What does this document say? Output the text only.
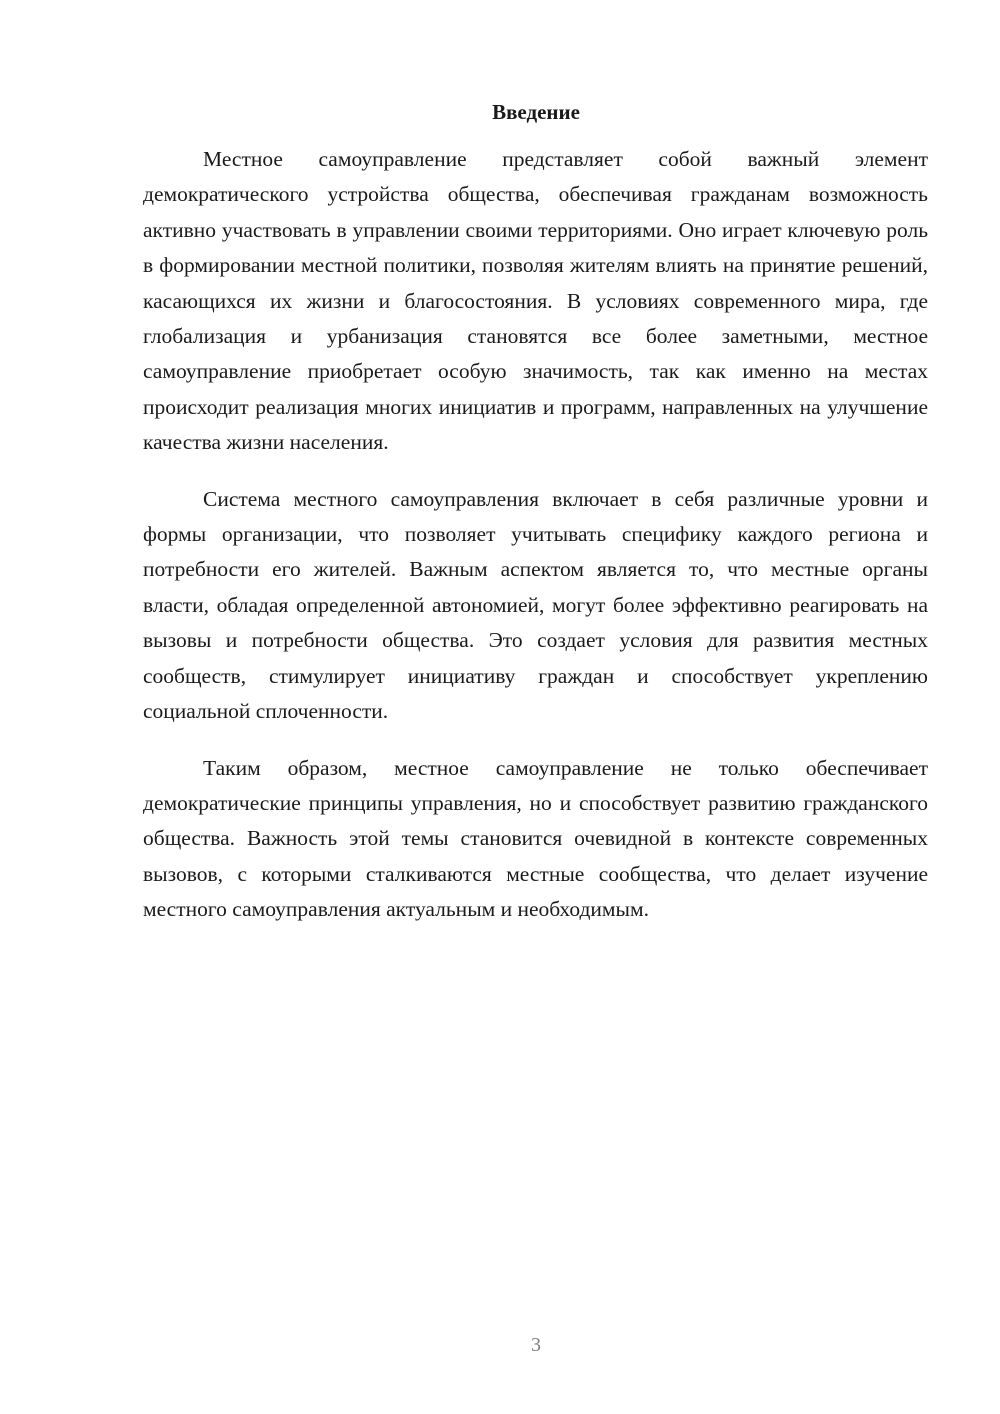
Введение

Местное самоуправление представляет собой важный элемент демократического устройства общества, обеспечивая гражданам возможность активно участвовать в управлении своими территориями. Оно играет ключевую роль в формировании местной политики, позволяя жителям влиять на принятие решений, касающихся их жизни и благосостояния. В условиях современного мира, где глобализация и урбанизация становятся все более заметными, местное самоуправление приобретает особую значимость, так как именно на местах происходит реализация многих инициатив и программ, направленных на улучшение качества жизни населения.

Система местного самоуправления включает в себя различные уровни и формы организации, что позволяет учитывать специфику каждого региона и потребности его жителей. Важным аспектом является то, что местные органы власти, обладая определенной автономией, могут более эффективно реагировать на вызовы и потребности общества. Это создает условия для развития местных сообществ, стимулирует инициативу граждан и способствует укреплению социальной сплоченности.

Таким образом, местное самоуправление не только обеспечивает демократические принципы управления, но и способствует развитию гражданского общества. Важность этой темы становится очевидной в контексте современных вызовов, с которыми сталкиваются местные сообщества, что делает изучение местного самоуправления актуальным и необходимым.

3
